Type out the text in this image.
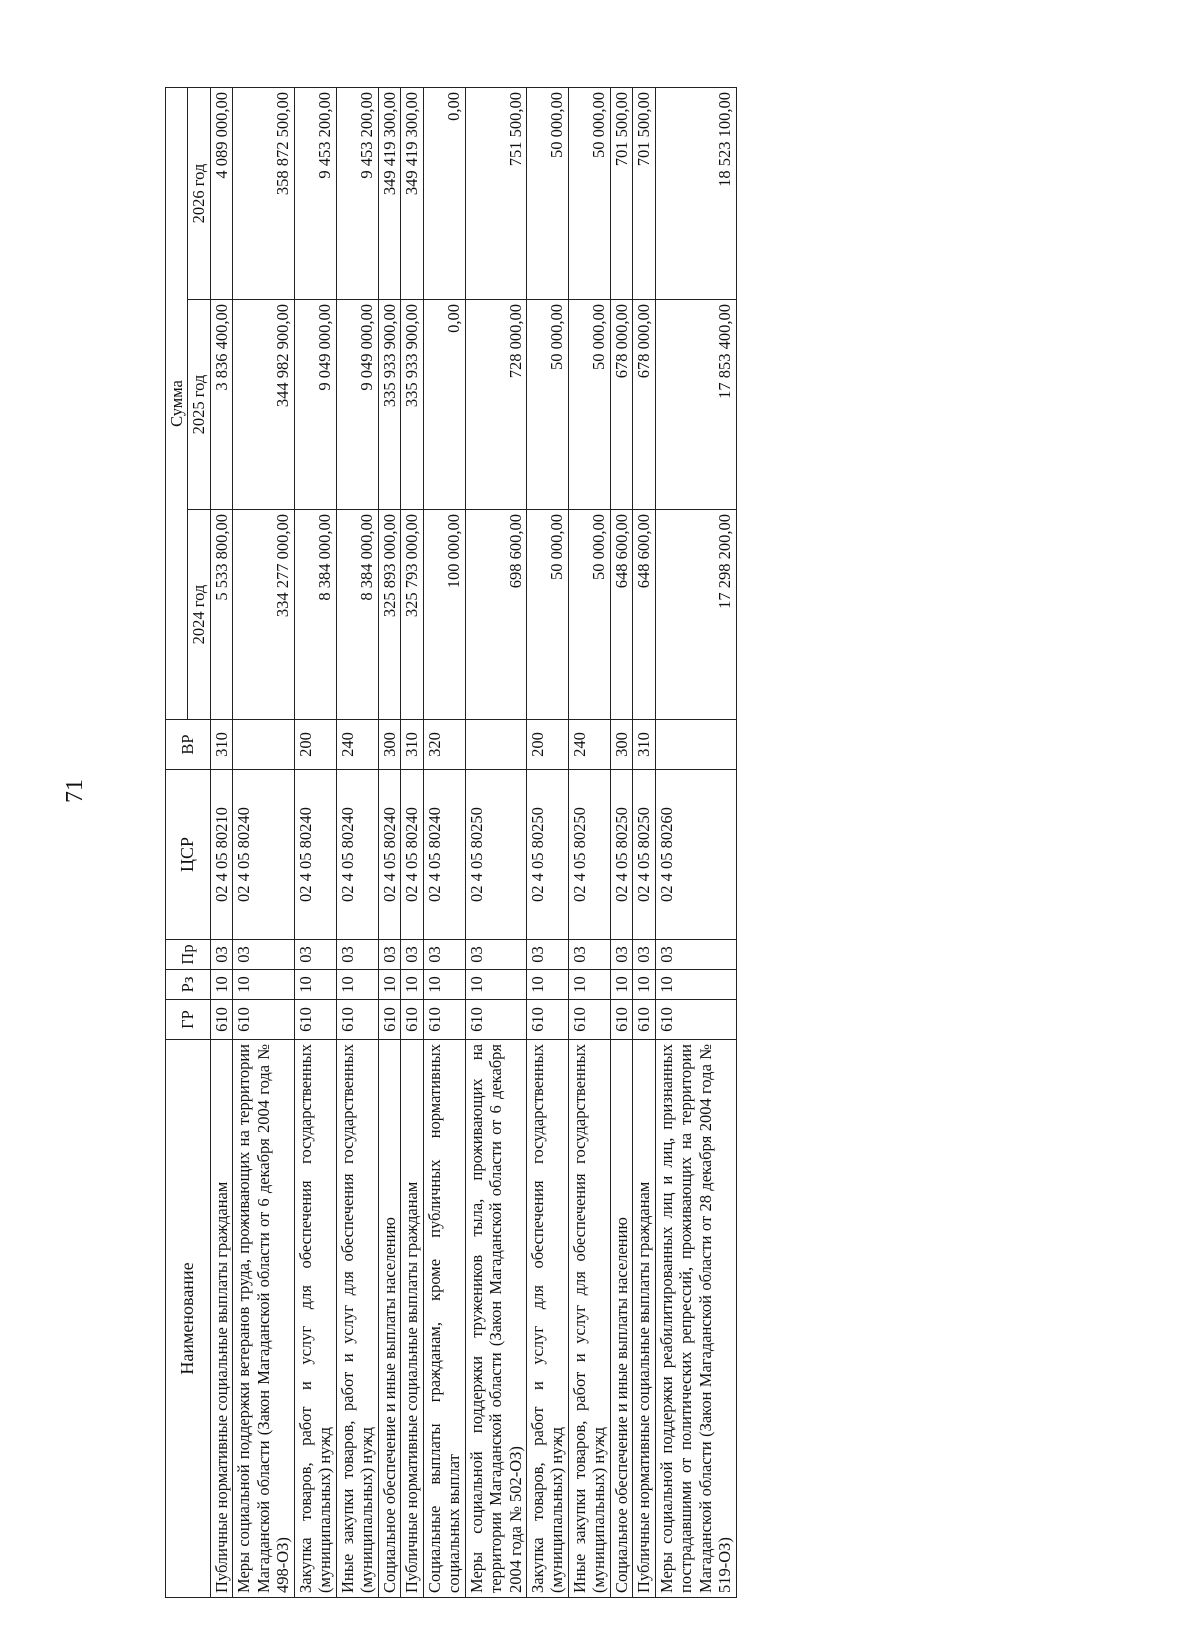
71
Наименование	ГР	Рз	Пр	ЦСР	ВР	Сумма		
						2024 год	2025 год	2026 год
Публичные нормативные социальные выплаты гражданам	610	10	03	02 4 05 80210	310	5 533 800,00	3 836 400,00	4 089 000,00
Меры социальной поддержки ветеранов труда, проживающих на территории Магаданской области (Закон Магаданской области от 6 декабря 2004 года № 498-ОЗ)	610	10	03	02 4 05 80240		334 277 000,00	344 982 900,00	358 872 500,00
Закупка товаров, работ и услуг для обеспечения государственных (муниципальных) нужд	610	10	03	02 4 05 80240	200	8 384 000,00	9 049 000,00	9 453 200,00
Иные закупки товаров, работ и услуг для обеспечения государственных (муниципальных) нужд	610	10	03	02 4 05 80240	240	8 384 000,00	9 049 000,00	9 453 200,00
Социальное обеспечение и иные выплаты населению	610	10	03	02 4 05 80240	300	325 893 000,00	335 933 900,00	349 419 300,00
Публичные нормативные социальные выплаты гражданам	610	10	03	02 4 05 80240	310	325 793 000,00	335 933 900,00	349 419 300,00
Социальные выплаты гражданам, кроме публичных нормативных социальных выплат	610	10	03	02 4 05 80240	320	100 000,00	0,00	0,00
Меры социальной поддержки тружеников тыла, проживающих на территории Магаданской области (Закон Магаданской области от 6 декабря 2004 года № 502-ОЗ)	610	10	03	02 4 05 80250		698 600,00	728 000,00	751 500,00
Закупка товаров, работ и услуг для обеспечения государственных (муниципальных) нужд	610	10	03	02 4 05 80250	200	50 000,00	50 000,00	50 000,00
Иные закупки товаров, работ и услуг для обеспечения государственных (муниципальных) нужд	610	10	03	02 4 05 80250	240	50 000,00	50 000,00	50 000,00
Социальное обеспечение и иные выплаты населению	610	10	03	02 4 05 80250	300	648 600,00	678 000,00	701 500,00
Публичные нормативные социальные выплаты гражданам	610	10	03	02 4 05 80250	310	648 600,00	678 000,00	701 500,00
Меры социальной поддержки реабилитированных лиц и лиц, признанных пострадавшими от политических репрессий, проживающих на территории Магаданской области (Закон Магаданской области от 28 декабря 2004 года № 519-ОЗ)	610	10	03	02 4 05 80260		17 298 200,00	17 853 400,00	18 523 100,00
